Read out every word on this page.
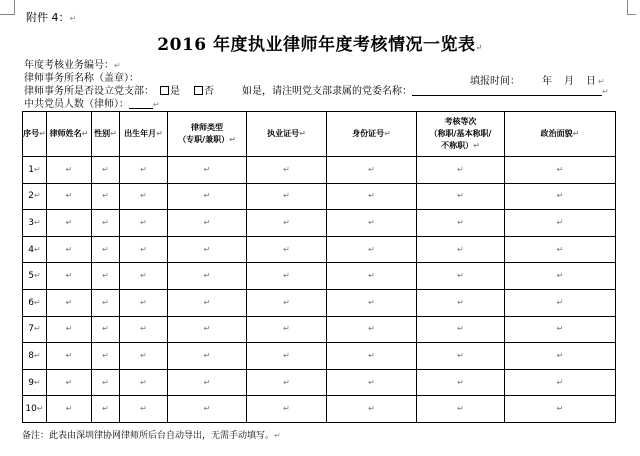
附件 4：↵
2016 年度执业律师年度考核情况一览表↵
年度考核业务编号：↵
律师事务所名称（盖章）：	填报时间： 年 月 日 ↵
律师事务所是否设立党支部： 是 否	如是，请注明党支部隶属的党委名称：	↵
中共党员人数（律师）：	↵
序号↵	律师姓名↵	性别↵	出生年月↵	律师类型
（专职/兼职）↵	执业证号↵	身份证号↵	考核等次
（称职/基本称职/
不称职）↵	政治面貌↵
1↵	↵	↵	↵	↵	↵	↵	↵	↵
2↵	↵	↵	↵	↵	↵	↵	↵	↵
3↵	↵	↵	↵	↵	↵	↵	↵	↵
4↵	↵	↵	↵	↵	↵	↵	↵	↵
5↵	↵	↵	↵	↵	↵	↵	↵	↵
6↵	↵	↵	↵	↵	↵	↵	↵	↵
7↵	↵	↵	↵	↵	↵	↵	↵	↵
8↵	↵	↵	↵	↵	↵	↵	↵	↵
9↵	↵	↵	↵	↵	↵	↵	↵	↵
10↵	↵	↵	↵	↵	↵	↵	↵	↵
备注：此表由深圳律协网律师所后台自动导出，无需手动填写。↵
